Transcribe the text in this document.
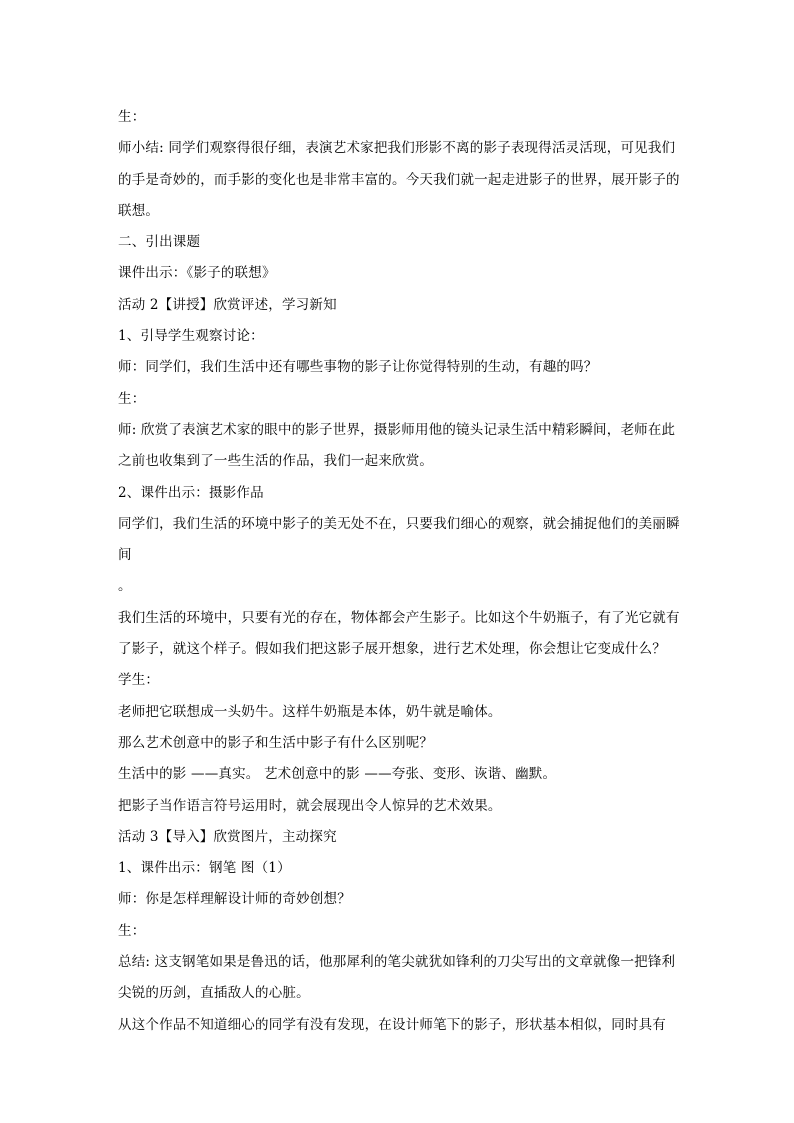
生：

师小结: 同学们观察得很仔细，表演艺术家把我们形影不离的影子表现得活灵活现，可见我们的手是奇妙的，而手影的变化也是非常丰富的。今天我们就一起走进影子的世界，展开影子的联想。

二、引出课题

课件出示：《影子的联想》

活动 2【讲授】欣赏评述，学习新知

1、引导学生观察讨论：

师：同学们，我们生活中还有哪些事物的影子让你觉得特别的生动，有趣的吗？

生：

师: 欣赏了表演艺术家的眼中的影子世界，摄影师用他的镜头记录生活中精彩瞬间，老师在此之前也收集到了一些生活的作品，我们一起来欣赏。

2、课件出示：摄影作品

同学们，我们生活的环境中影子的美无处不在，只要我们细心的观察，就会捕捉他们的美丽瞬间

。

我们生活的环境中，只要有光的存在，物体都会产生影子。比如这个牛奶瓶子，有了光它就有了影子，就这个样子。假如我们把这影子展开想象，进行艺术处理，你会想让它变成什么？

学生：

老师把它联想成一头奶牛。这样牛奶瓶是本体，奶牛就是喻体。

那么艺术创意中的影子和生活中影子有什么区别呢？

生活中的影 ——真实。 艺术创意中的影 ——夸张、变形、诙谐、幽默。

把影子当作语言符号运用时，就会展现出令人惊异的艺术效果。

活动 3【导入】欣赏图片，主动探究

1、课件出示：钢笔 图（1）

师：你是怎样理解设计师的奇妙创想？

生：

总结: 这支钢笔如果是鲁迅的话，他那犀利的笔尖就犹如锋利的刀尖写出的文章就像一把锋利尖锐的历剑，直插敌人的心脏。

从这个作品不知道细心的同学有没有发现，在设计师笔下的影子，形状基本相似，同时具有
